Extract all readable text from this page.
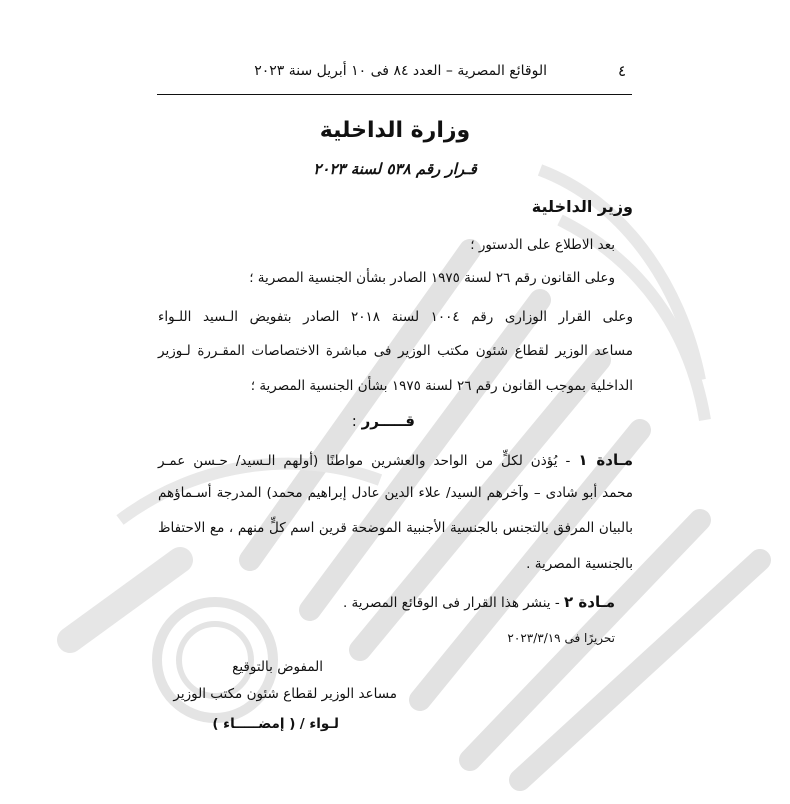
٤
الوقائع المصرية – العدد ٨٤ فى ١٠ أبريل سنة ٢٠٢٣
وزارة الداخلية
قـرار رقم ٥٣٨ لسنة ٢٠٢٣
وزير الداخلية
بعد الاطلاع على الدستور ؛
وعلى القانون رقم ٢٦ لسنة ١٩٧٥ الصادر بشأن الجنسية المصرية ؛
وعلى القرار الوزارى رقم ١٠٠٤ لسنة ٢٠١٨ الصادر بتفويض الـسيد اللـواء
مساعد الوزير لقطاع شئون مكتب الوزير فى مباشرة الاختصاصات المقـررة لـوزير
الداخلية بموجب القانون رقم ٢٦ لسنة ١٩٧٥ بشأن الجنسية المصرية ؛
قـــــرر :
مـادة ١ - يُؤذن لكلٍّ من الواحد والعشرين مواطنًا (أولهم الـسيد/ حـسن عمـر
محمد أبو شادى – وآخرهم السيد/ علاء الدين عادل إبراهيم محمد) المدرجة أسـماؤهم
بالبيان المرفق بالتجنس بالجنسية الأجنبية الموضحة قرين اسم كلٍّ منهم ، مع الاحتفاظ
بالجنسية المصرية .
مـادة ٢ - ينشر هذا القرار فى الوقائع المصرية .
تحريرًا فى ٢٠٢٣/٣/١٩
المفوض بالتوقيع
مساعد الوزير لقطاع شئون مكتب الوزير
لـواء / ( إمضـــــاء )
